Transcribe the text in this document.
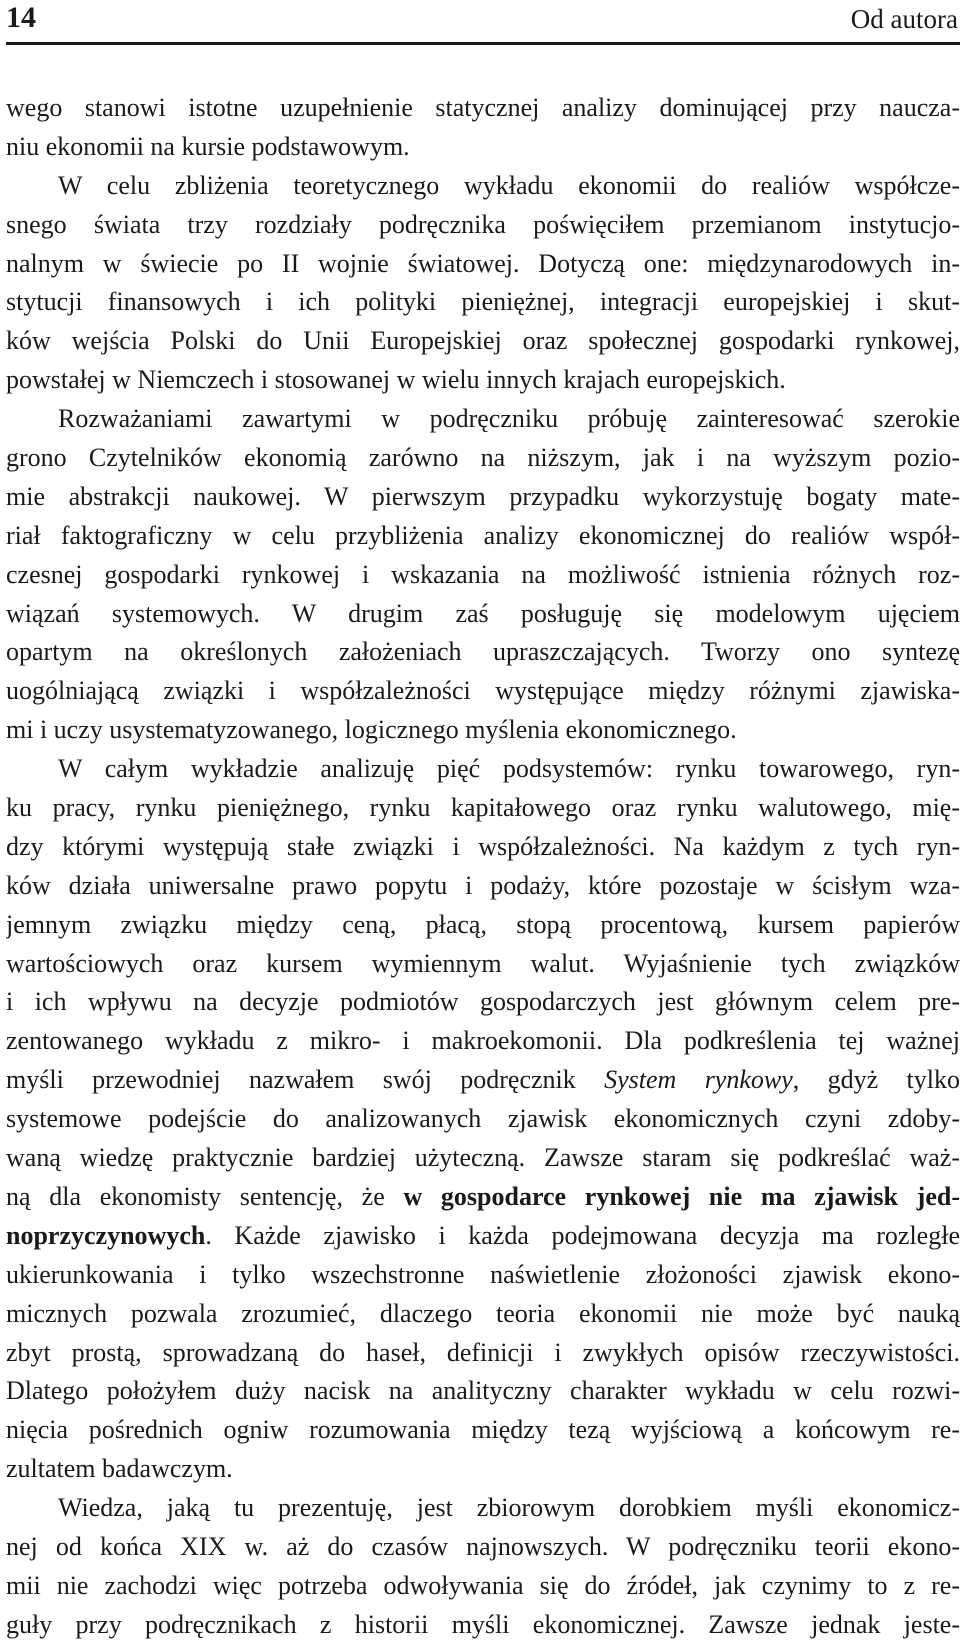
14	Od autora
wego stanowi istotne uzupełnienie statycznej analizy dominującej przy naucza-
niu ekonomii na kursie podstawowym.
W celu zbliżenia teoretycznego wykładu ekonomii do realiów współcze-
snego świata trzy rozdziały podręcznika poświęciłem przemianom instytucjo-
nalnym w świecie po II wojnie światowej. Dotyczą one: międzynarodowych in-
stytucji finansowych i ich polityki pieniężnej, integracji europejskiej i skut-
ków wejścia Polski do Unii Europejskiej oraz społecznej gospodarki rynkowej,
powstałej w Niemczech i stosowanej w wielu innych krajach europejskich.
Rozważaniami zawartymi w podręczniku próbuję zainteresować szerokie
grono Czytelników ekonomią zarówno na niższym, jak i na wyższym pozio-
mie abstrakcji naukowej. W pierwszym przypadku wykorzystuję bogaty mate-
riał faktograficzny w celu przybliżenia analizy ekonomicznej do realiów współ-
czesnej gospodarki rynkowej i wskazania na możliwość istnienia różnych roz-
wiązań systemowych. W drugim zaś posługuję się modelowym ujęciem
opartym na określonych założeniach upraszczających. Tworzy ono syntezę
uogólniającą związki i współzależności występujące między różnymi zjawiska-
mi i uczy usystematyzowanego, logicznego myślenia ekonomicznego.
W całym wykładzie analizuję pięć podsystemów: rynku towarowego, ryn-
ku pracy, rynku pieniężnego, rynku kapitałowego oraz rynku walutowego, mię-
dzy którymi występują stałe związki i współzależności. Na każdym z tych ryn-
ków działa uniwersalne prawo popytu i podaży, które pozostaje w ścisłym wza-
jemnym związku między ceną, płacą, stopą procentową, kursem papierów
wartościowych oraz kursem wymiennym walut. Wyjaśnienie tych związków
i ich wpływu na decyzje podmiotów gospodarczych jest głównym celem pre-
zentowanego wykładu z mikro- i makroekomonii. Dla podkreślenia tej ważnej
myśli przewodniej nazwałem swój podręcznik System rynkowy, gdyż tylko
systemowe podejście do analizowanych zjawisk ekonomicznych czyni zdoby-
waną wiedzę praktycznie bardziej użyteczną. Zawsze staram się podkreślać waż-
ną dla ekonomisty sentencję, że w gospodarce rynkowej nie ma zjawisk jed-
noprzyczynowych. Każde zjawisko i każda podejmowana decyzja ma rozległe
ukierunkowania i tylko wszechstronne naświetlenie złożoności zjawisk ekono-
micznych pozwala zrozumieć, dlaczego teoria ekonomii nie może być nauką
zbyt prostą, sprowadzaną do haseł, definicji i zwykłych opisów rzeczywistości.
Dlatego położyłem duży nacisk na analityczny charakter wykładu w celu rozwi-
nięcia pośrednich ogniw rozumowania między tezą wyjściową a końcowym re-
zultatem badawczym.
Wiedza, jaką tu prezentuję, jest zbiorowym dorobkiem myśli ekonomicz-
nej od końca XIX w. aż do czasów najnowszych. W podręczniku teorii ekono-
mii nie zachodzi więc potrzeba odwoływania się do źródeł, jak czynimy to z re-
guły przy podręcznikach z historii myśli ekonomicznej. Zawsze jednak jeste-
